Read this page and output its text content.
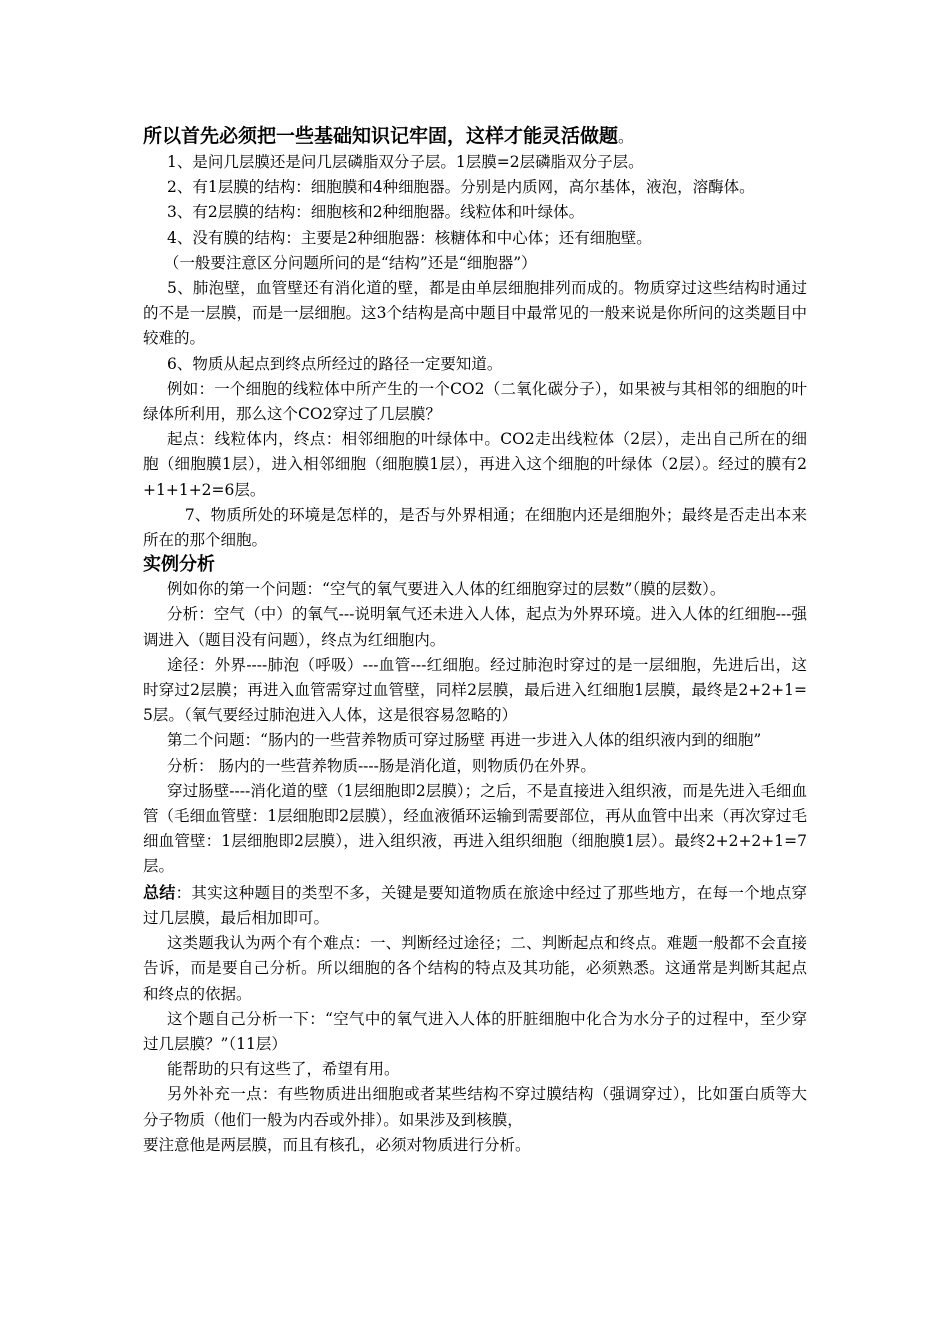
所以首先必须把一些基础知识记牢固，这样才能灵活做题。

1、是问几层膜还是问几层磷脂双分子层。1层膜=2层磷脂双分子层。

2、有1层膜的结构：细胞膜和4种细胞器。分别是内质网，高尔基体，液泡，溶酶体。

3、有2层膜的结构：细胞核和2种细胞器。线粒体和叶绿体。

4、没有膜的结构：主要是2种细胞器：核糖体和中心体；还有细胞壁。

（一般要注意区分问题所问的是“结构”还是“细胞器”）

5、肺泡壁，血管壁还有消化道的壁，都是由单层细胞排列而成的。物质穿过这些结构时通过的不是一层膜，而是一层细胞。这3个结构是高中题目中最常见的一般来说是你所问的这类题目中较难的。

6、物质从起点到终点所经过的路径一定要知道。

例如：一个细胞的线粒体中所产生的一个CO2（二氧化碳分子），如果被与其相邻的细胞的叶绿体所利用，那么这个CO2穿过了几层膜？

起点：线粒体内，终点：相邻细胞的叶绿体中。CO2走出线粒体（2层），走出自己所在的细胞（细胞膜1层），进入相邻细胞（细胞膜1层），再进入这个细胞的叶绿体（2层）。经过的膜有2+1+1+2=6层。

7、物质所处的环境是怎样的，是否与外界相通；在细胞内还是细胞外；最终是否走出本来所在的那个细胞。

实例分析

例如你的第一个问题：“空气的氧气要进入人体的红细胞穿过的层数”（膜的层数）。

分析：空气（中）的氧气---说明氧气还未进入人体，起点为外界环境。进入人体的红细胞---强调进入（题目没有问题），终点为红细胞内。

途径：外界----肺泡（呼吸）---血管---红细胞。经过肺泡时穿过的是一层细胞，先进后出，这时穿过2层膜；再进入血管需穿过血管壁，同样2层膜，最后进入红细胞1层膜，最终是2+2+1=5层。（氧气要经过肺泡进入人体，这是很容易忽略的）

第二个问题：“肠内的一些营养物质可穿过肠壁 再进一步进入人体的组织液内到的细胞”

分析： 肠内的一些营养物质----肠是消化道，则物质仍在外界。

穿过肠壁----消化道的壁（1层细胞即2层膜）；之后，不是直接进入组织液，而是先进入毛细血管（毛细血管壁：1层细胞即2层膜），经血液循环运输到需要部位，再从血管中出来（再次穿过毛细血管壁：1层细胞即2层膜），进入组织液，再进入组织细胞（细胞膜1层）。最终2+2+2+1=7层。

总结：其实这种题目的类型不多，关键是要知道物质在旅途中经过了那些地方，在每一个地点穿过几层膜，最后相加即可。

这类题我认为两个有个难点：一、判断经过途径；二、判断起点和终点。难题一般都不会直接告诉，而是要自己分析。所以细胞的各个结构的特点及其功能，必须熟悉。这通常是判断其起点和终点的依据。

这个题自己分析一下：“空气中的氧气进入人体的肝脏细胞中化合为水分子的过程中，至少穿过几层膜？”（11层）

能帮助的只有这些了，希望有用。

另外补充一点：有些物质进出细胞或者某些结构不穿过膜结构（强调穿过），比如蛋白质等大分子物质（他们一般为内吞或外排）。如果涉及到核膜，

要注意他是两层膜，而且有核孔，必须对物质进行分析。
